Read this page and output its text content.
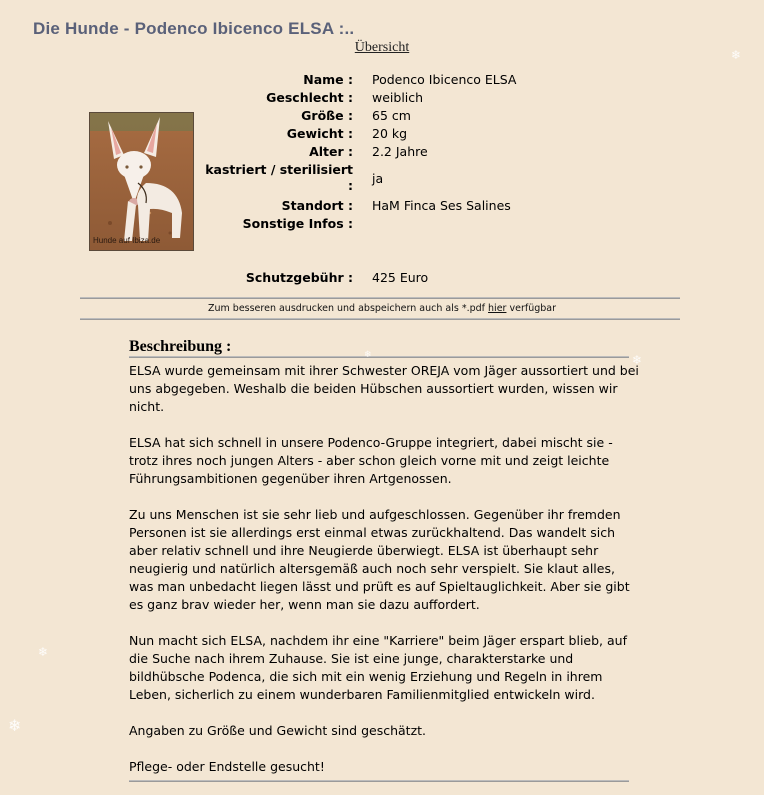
Die Hunde - Podenco Ibicenco ELSA :..
Übersicht
Hunde auf Ibiza.de
Name : Podenco Ibicenco ELSA
Geschlecht : weiblich
Größe : 65 cm
Gewicht : 20 kg
Alter : 2.2 Jahre
kastriert / sterilisiert
: ja
Standort : HaM Finca Ses Salines
Sonstige Infos :
Schutzgebühr : 425 Euro
Zum besseren ausdrucken und abspeichern auch als *.pdf hier verfügbar
Beschreibung :

ELSA wurde gemeinsam mit ihrer Schwester OREJA vom Jäger aussortiert und bei uns abgegeben. Weshalb die beiden Hübschen aussortiert wurden, wissen wir nicht.

ELSA hat sich schnell in unsere Podenco-Gruppe integriert, dabei mischt sie - trotz ihres noch jungen Alters - aber schon gleich vorne mit und zeigt leichte Führungsambitionen gegenüber ihren Artgenossen.

Zu uns Menschen ist sie sehr lieb und aufgeschlossen. Gegenüber ihr fremden Personen ist sie allerdings erst einmal etwas zurückhaltend. Das wandelt sich aber relativ schnell und ihre Neugierde überwiegt. ELSA ist überhaupt sehr neugierig und natürlich altersgemäß auch noch sehr verspielt. Sie klaut alles, was man unbedacht liegen lässt und prüft es auf Spieltauglichkeit. Aber sie gibt es ganz brav wieder her, wenn man sie dazu auffordert.

Nun macht sich ELSA, nachdem ihr eine "Karriere" beim Jäger erspart blieb, auf die Suche nach ihrem Zuhause. Sie ist eine junge, charakterstarke und bildhübsche Podenca, die sich mit ein wenig Erziehung und Regeln in ihrem Leben, sicherlich zu einem wunderbaren Familienmitglied entwickeln wird.

Angaben zu Größe und Gewicht sind geschätzt.

Pflege- oder Endstelle gesucht!

❄
❄
❄
❄
❄
